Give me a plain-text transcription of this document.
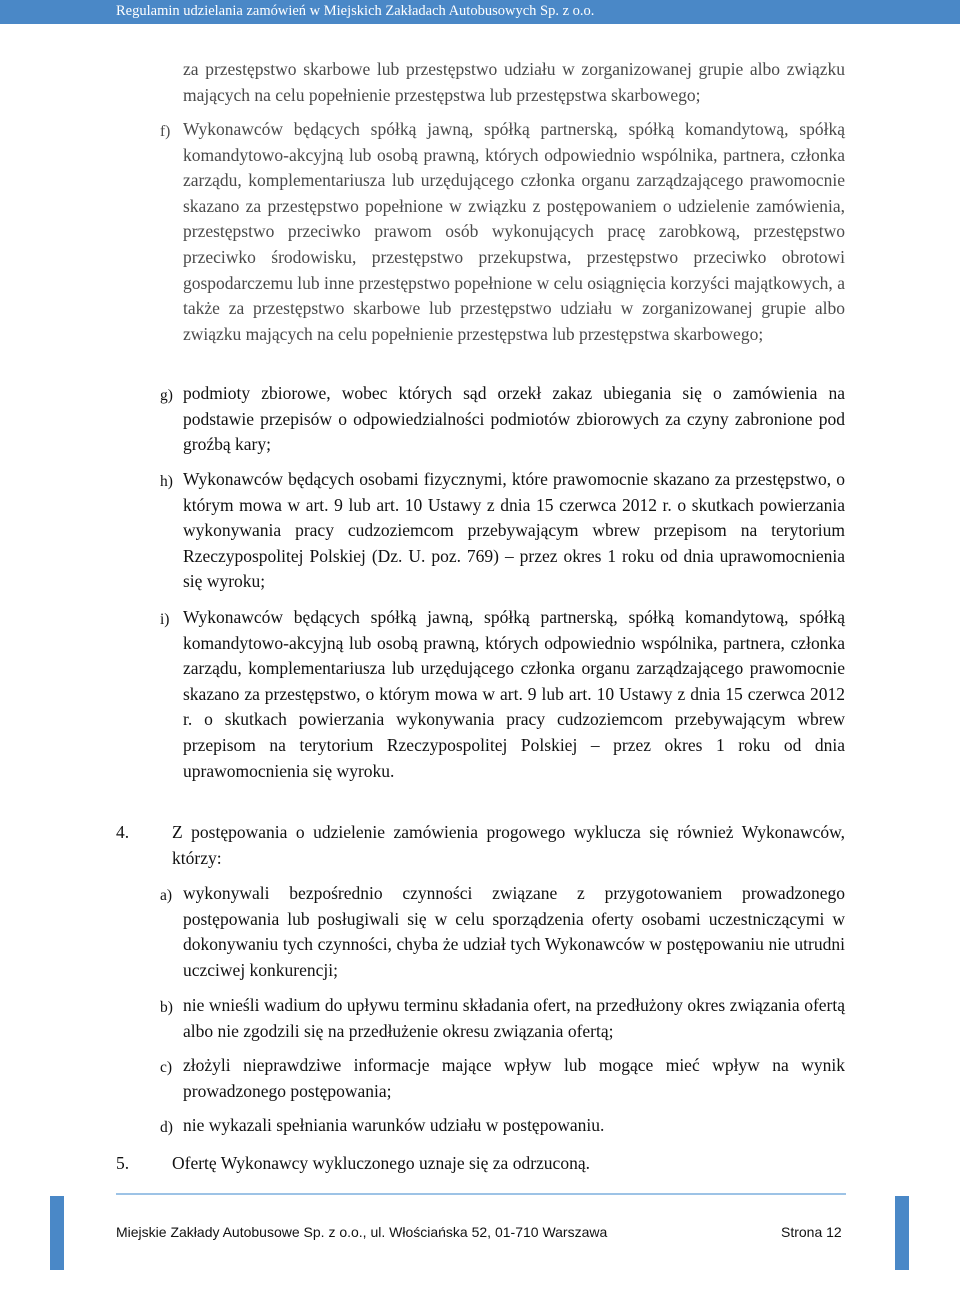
Regulamin udzielania zamówień w Miejskich Zakładach Autobusowych Sp. z o.o.
za przestępstwo skarbowe lub przestępstwo udziału w zorganizowanej grupie albo związku mających na celu popełnienie przestępstwa lub przestępstwa skarbowego;
f) Wykonawców będących spółką jawną, spółką partnerską, spółką komandytową, spółką komandytowo-akcyjną lub osobą prawną, których odpowiednio wspólnika, partnera, członka zarządu, komplementariusza lub urzędującego członka organu zarządzającego prawomocnie skazano za przestępstwo popełnione w związku z postępowaniem o udzielenie zamówienia, przestępstwo przeciwko prawom osób wykonujących pracę zarobkową, przestępstwo przeciwko środowisku, przestępstwo przekupstwa, przestępstwo przeciwko obrotowi gospodarczemu lub inne przestępstwo popełnione w celu osiągnięcia korzyści majątkowych, a także za przestępstwo skarbowe lub przestępstwo udziału w zorganizowanej grupie albo związku mających na celu popełnienie przestępstwa lub przestępstwa skarbowego;
g) podmioty zbiorowe, wobec których sąd orzekł zakaz ubiegania się o zamówienia na podstawie przepisów o odpowiedzialności podmiotów zbiorowych za czyny zabronione pod groźbą kary;
h) Wykonawców będących osobami fizycznymi, które prawomocnie skazano za przestępstwo, o którym mowa w art. 9 lub art. 10 Ustawy z dnia 15 czerwca 2012 r. o skutkach powierzania wykonywania pracy cudzoziemcom przebywającym wbrew przepisom na terytorium Rzeczypospolitej Polskiej (Dz. U. poz. 769) – przez okres 1 roku od dnia uprawomocnienia się wyroku;
i) Wykonawców będących spółką jawną, spółką partnerską, spółką komandytową, spółką komandytowo-akcyjną lub osobą prawną, których odpowiednio wspólnika, partnera, członka zarządu, komplementariusza lub urzędującego członka organu zarządzającego prawomocnie skazano za przestępstwo, o którym mowa w art. 9 lub art. 10 Ustawy z dnia 15 czerwca 2012 r. o skutkach powierzania wykonywania pracy cudzoziemcom przebywającym wbrew przepisom na terytorium Rzeczypospolitej Polskiej – przez okres 1 roku od dnia uprawomocnienia się wyroku.
4. Z postępowania o udzielenie zamówienia progowego wyklucza się również Wykonawców, którzy:
a) wykonywali bezpośrednio czynności związane z przygotowaniem prowadzonego postępowania lub posługiwali się w celu sporządzenia oferty osobami uczestniczącymi w dokonywaniu tych czynności, chyba że udział tych Wykonawców w postępowaniu nie utrudni uczciwej konkurencji;
b) nie wnieśli wadium do upływu terminu składania ofert, na przedłużony okres związania ofertą albo nie zgodzili się na przedłużenie okresu związania ofertą;
c) złożyli nieprawdziwe informacje mające wpływ lub mogące mieć wpływ na wynik prowadzonego postępowania;
d) nie wykazali spełniania warunków udziału w postępowaniu.
5. Ofertę Wykonawcy wykluczonego uznaje się za odrzuconą.
Miejskie Zakłady Autobusowe Sp. z o.o., ul. Włościańska 52, 01-710 Warszawa	Strona 12
